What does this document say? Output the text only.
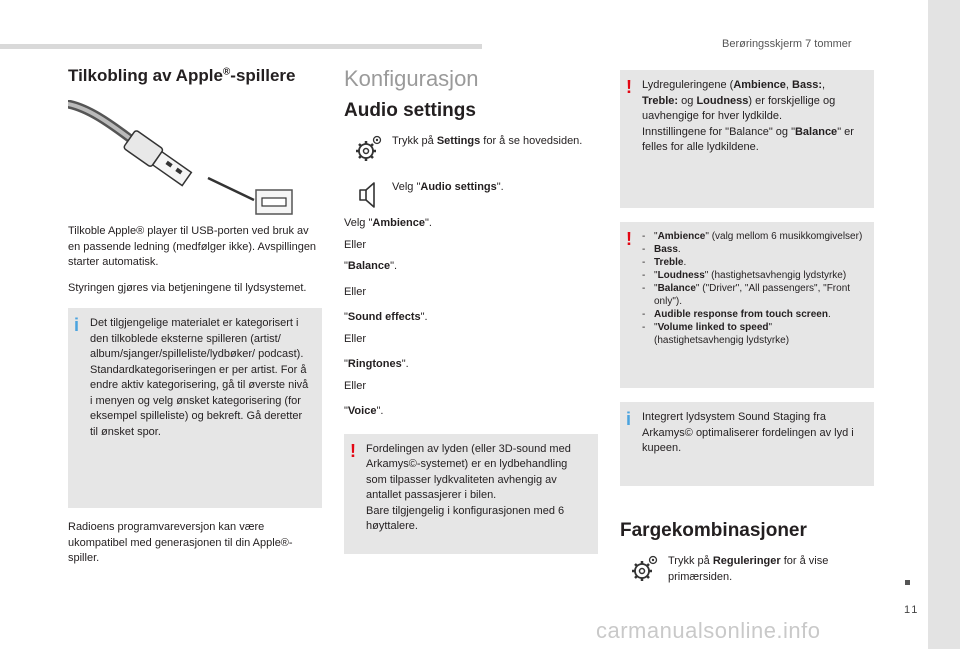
Berøringsskjerm 7 tommer
11
carmanualsonline.info
Tilkobling av Apple®-spillere

Tilkoble Apple® player til USB-porten ved bruk av en passende ledning (medfølger ikke). Avspillingen starter automatisk.

Styringen gjøres via betjeningene til lydsystemet.

i Det tilgjengelige materialet er kategorisert i den tilkoblede eksterne spilleren (artist/ album/sjanger/spilleliste/lydbøker/ podcast).
Standardkategoriseringen er per artist. For å endre aktiv kategorisering, gå til øverste nivå i menyen og velg ønsket kategorisering (for eksempel spilleliste) og bekreft. Gå deretter til ønsket spor.

Radioens programvareversjon kan være ukompatibel med generasjonen til din Apple®-spiller.

Konfigurasjon
Audio settings

Trykk på Settings for å se hovedsiden.

Velg "Audio settings".

Velg "Ambience".

Eller

"Balance".

Eller

"Sound effects".

Eller

"Ringtones".

Eller

"Voice".

! Fordelingen av lyden (eller 3D-sound med Arkamys©-systemet) er en lydbehandling som tilpasser lydkvaliteten avhengig av antallet passasjerer i bilen.
Bare tilgjengelig i konfigurasjonen med 6 høyttalere.

! Lydreguleringene (Ambience, Bass:, Treble: og Loudness) er forskjellige og uavhengige for hver lydkilde.
Innstillingene for "Balance" og "Balance" er felles for alle lydkildene.

! - "Ambience" (valg mellom 6 musikkomgivelser)
- Bass.
- Treble.
- "Loudness" (hastighetsavhengig lydstyrke)
- "Balance" ("Driver", "All passengers", "Front only").
- Audible response from touch screen.
- "Volume linked to speed" (hastighetsavhengig lydstyrke)
i Integrert lydsystem Sound Staging fra Arkamys© optimaliserer fordelingen av lyd i kupeen.

Fargekombinasjoner

Trykk på Reguleringer for å vise primærsiden.
